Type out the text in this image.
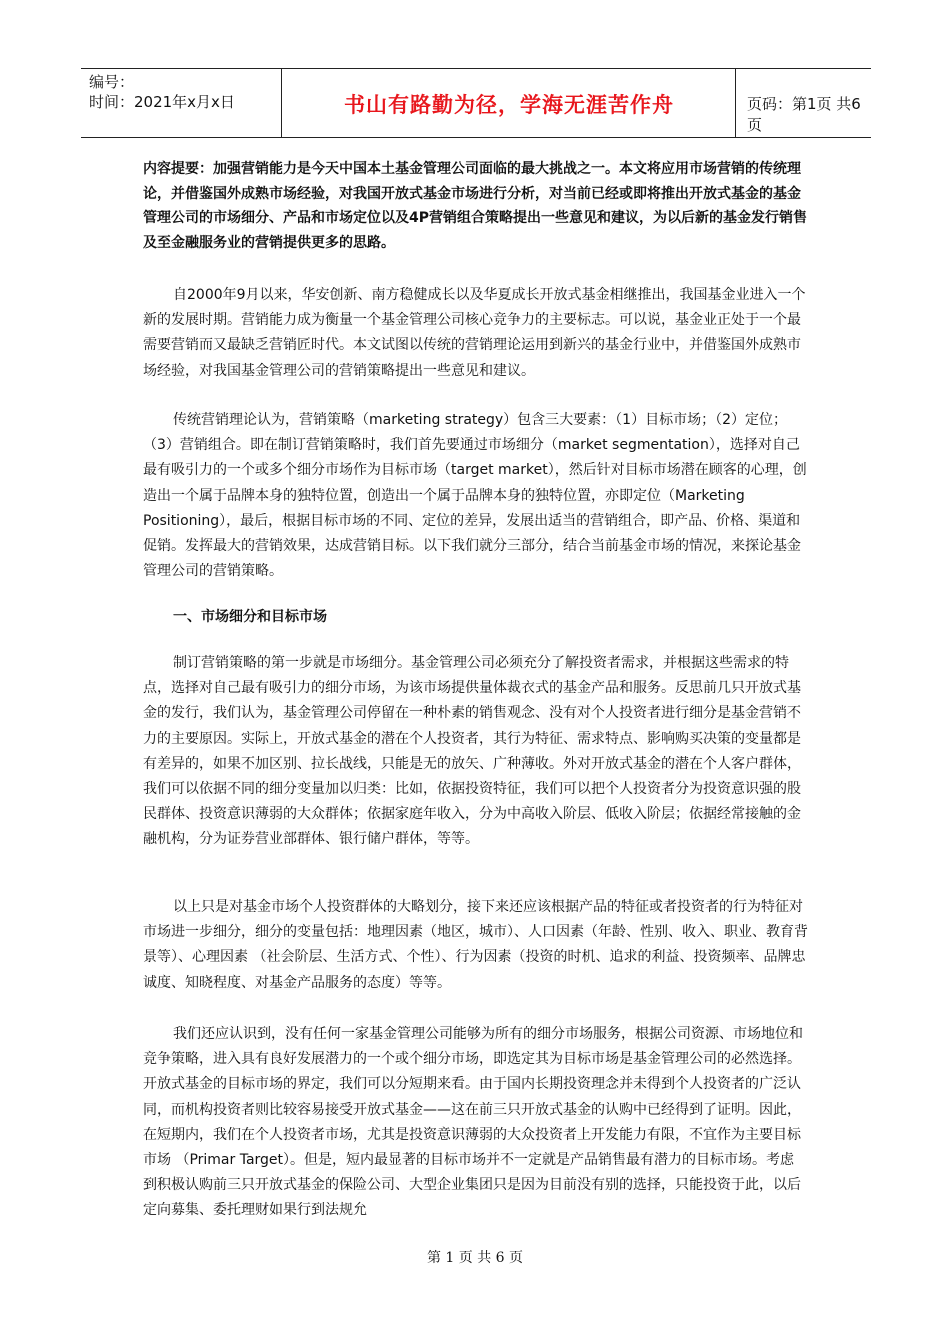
编号：
时间：2021年x月x日	书山有路勤为径，学海无涯苦作舟	页码：第1页 共6页

内容提要：加强营销能力是今天中国本土基金管理公司面临的最大挑战之一。本文将应用市场营销的传统理论，并借鉴国外成熟市场经验，对我国开放式基金市场进行分析，对当前已经或即将推出开放式基金的基金管理公司的市场细分、产品和市场定位以及4P营销组合策略提出一些意见和建议，为以后新的基金发行销售及至金融服务业的营销提供更多的思路。

自2000年9月以来，华安创新、南方稳健成长以及华夏成长开放式基金相继推出，我国基金业进入一个新的发展时期。营销能力成为衡量一个基金管理公司核心竞争力的主要标志。可以说，基金业正处于一个最需要营销而又最缺乏营销匠时代。本文试图以传统的营销理论运用到新兴的基金行业中，并借鉴国外成熟市场经验，对我国基金管理公司的营销策略提出一些意见和建议。

传统营销理论认为，营销策略（marketing strategy）包含三大要素：（1）目标市场；（2）定位；（3）营销组合。即在制订营销策略时，我们首先要通过市场细分（market segmentation），选择对自己最有吸引力的一个或多个细分市场作为目标市场（target market），然后针对目标市场潜在顾客的心理，创造出一个属于品牌本身的独特位置，创造出一个属于品牌本身的独特位置，亦即定位（Marketing Positioning），最后，根据目标市场的不同、定位的差异，发展出适当的营销组合，即产品、价格、渠道和促销。发挥最大的营销效果，达成营销目标。以下我们就分三部分，结合当前基金市场的情况，来探论基金管理公司的营销策略。

一、市场细分和目标市场

制订营销策略的第一步就是市场细分。基金管理公司必须充分了解投资者需求，并根据这些需求的特点，选择对自己最有吸引力的细分市场，为该市场提供量体裁衣式的基金产品和服务。反思前几只开放式基金的发行，我们认为，基金管理公司停留在一种朴素的销售观念、没有对个人投资者进行细分是基金营销不力的主要原因。实际上，开放式基金的潜在个人投资者，其行为特征、需求特点、影响购买决策的变量都是有差异的，如果不加区别、拉长战线，只能是无的放矢、广种薄收。外对开放式基金的潜在个人客户群体，我们可以依据不同的细分变量加以归类：比如，依据投资特征，我们可以把个人投资者分为投资意识强的股民群体、投资意识薄弱的大众群体；依据家庭年收入，分为中高收入阶层、低收入阶层；依据经常接触的金融机构，分为证券营业部群体、银行储户群体，等等。

以上只是对基金市场个人投资群体的大略划分，接下来还应该根据产品的特征或者投资者的行为特征对市场进一步细分，细分的变量包括：地理因素（地区，城市）、人口因素（年龄、性别、收入、职业、教育背景等）、心理因素 （社会阶层、生活方式、个性）、行为因素（投资的时机、追求的利益、投资频率、品牌忠诚度、知晓程度、对基金产品服务的态度）等等。

我们还应认识到，没有任何一家基金管理公司能够为所有的细分市场服务，根据公司资源、市场地位和竞争策略，进入具有良好发展潜力的一个或个细分市场，即选定其为目标市场是基金管理公司的必然选择。开放式基金的目标市场的界定，我们可以分短期来看。由于国内长期投资理念并未得到个人投资者的广泛认同，而机构投资者则比较容易接受开放式基金——这在前三只开放式基金的认购中已经得到了证明。因此，在短期内，我们在个人投资者市场，尤其是投资意识薄弱的大众投资者上开发能力有限，不宜作为主要目标市场 （Primar Target）。但是，短内最显著的目标市场并不一定就是产品销售最有潜力的目标市场。考虑到积极认购前三只开放式基金的保险公司、大型企业集团只是因为目前没有别的选择，只能投资于此，以后定向募集、委托理财如果行到法规允

第 1 页 共 6 页
